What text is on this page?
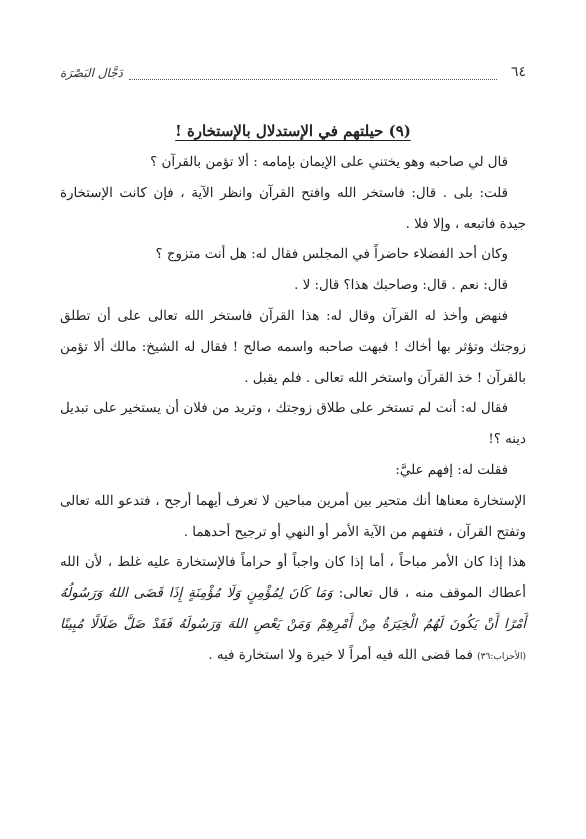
٦٤
دَجَّال البَصْرَة
(٩) حيلتهم في الإستدلال بالإستخارة !

قال لي صاحبه وهو يختني على الإيمان بإمامه : ألا تؤمن بالقرآن ؟

قلت: بلى . قال: فاستخر الله وافتح القرآن وانظر الآية ، فإن كانت الإستخارة جيدة فاتبعه ، وإلا فلا .

وكان أحد الفضلاء حاضراً في المجلس فقال له: هل أنت متزوج ؟

قال: نعم . قال: وصاحبك هذا؟ قال: لا .

فنهض وأخذ له القرآن وقال له: هذا القرآن فاستخر الله تعالى على أن تطلق زوجتك وتؤثر بها أخاك ! فبهت صاحبه واسمه صالح ! فقال له الشيخ: مالك ألا تؤمن بالقرآن ! خذ القرآن واستخر الله تعالى . فلم يقبل .

فقال له: أنت لم تستخر على طلاق زوجتك ، وتريد من فلان أن يستخير على تبديل دينه ؟!

فقلت له: إفهم عليَّ:

الإستخارة معناها أنك متحير بين أمرين مباحين لا تعرف أيهما أرجح ، فتدعو الله تعالى وتفتح القرآن ، فتفهم من الآية الأمر أو النهي أو ترجيح أحدهما .

هذا إذا كان الأمر مباحاً ، أما إذا كان واجباً أو حراماً فالإستخارة عليه غلط ، لأن الله أعطاك الموقف منه ، قال تعالى: وَمَا كَانَ لِمُؤْمِنٍ وَلَا مُؤْمِنَةٍ إِذَا قَضَى اللهُ وَرَسُولُهُ أَمْرًا أَنْ يَكُونَ لَهُمُ الْخِيَرَةُ مِنْ أَمْرِهِمْ وَمَنْ يَعْصِ اللهَ وَرَسُولَهُ فَقَدْ ضَلَّ ضَلَالًا مُبِينًا (الأحزاب:٣٦) فما قضى الله فيه أمراً لا خيرة ولا استخارة فيه .
